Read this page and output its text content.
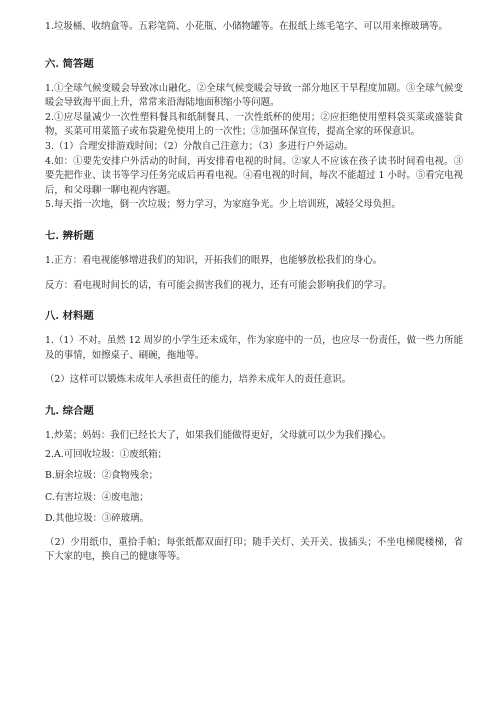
1.垃圾桶、收纳盒等。五彩笔筒、小花瓶、小储物罐等。在报纸上练毛笔字、可以用来擦玻璃等。

六. 简答题

1.①全球气候变暖会导致冰山融化。②全球气候变暖会导致一部分地区干旱程度加剧。③全球气候变暖会导致海平面上升，常常来沿海陆地面积缩小等问题。

2.①应尽量减少一次性塑料餐具和纸制餐具、一次性纸杯的使用；②应拒绝使用塑料袋买菜或盛装食物，买菜可用菜篮子或布袋避免使用上的一次性；③加强环保宣传，提高全家的环保意识。

3.（1）合理安排游戏时间；（2）分散自己注意力；（3）多进行户外运动。

4.如：①要先安排户外活动的时间，再安排看电视的时间。②家人不应该在孩子读书时间看电视。③要先把作业、读书等学习任务完成后再看电视。④看电视的时间，每次不能超过 1 小时。⑤看完电视后，和父母聊一聊电视内容题。

5.每天指一次地，倒一次垃圾；努力学习，为家庭争光。少上培训班，减轻父母负担。

七. 辨析题

1.正方：看电视能够增进我们的知识，开拓我们的眼界，也能够放松我们的身心。

反方：看电视时间长的话，有可能会损害我们的视力，还有可能会影响我们的学习。

八. 材料题

1.（1）不对。虽然 12 周岁的小学生还未成年，作为家庭中的一员，也应尽一份责任，做一些力所能及的事情，如擦桌子、刷碗，拖地等。

（2）这样可以锻炼未成年人承担责任的能力，培养未成年人的责任意识。

九. 综合题

1.炒菜；妈妈：我们已经长大了，如果我们能做得更好，父母就可以少为我们操心。

2.A.可回收垃圾：①废纸箱；

B.厨余垃圾：②食物残余；

C.有害垃圾：④废电池；

D.其他垃圾：③碎玻璃。

（2）少用纸巾，重拾手帕；每张纸都双面打印；随手关灯、关开关、拔插头；不坐电梯爬楼梯，省下大家的电，换自己的健康等等。
